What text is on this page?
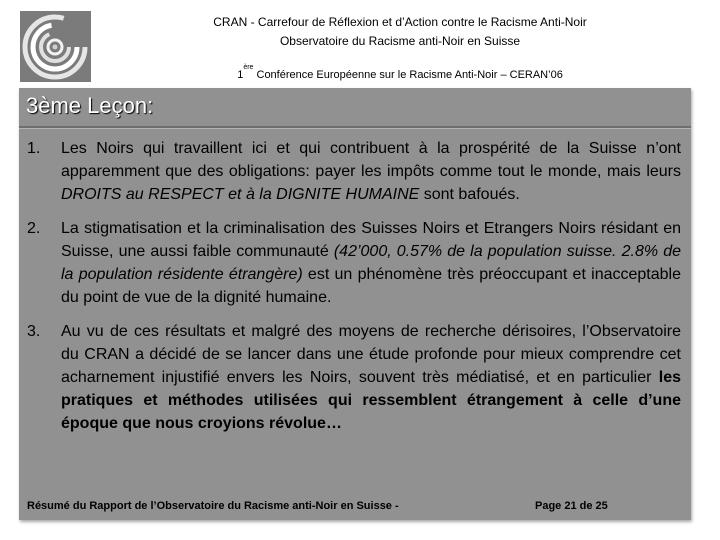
CRAN - Carrefour de Réflexion et d’Action contre le Racisme Anti-Noir
Observatoire du Racisme anti-Noir en Suisse
1ère Conférence Européenne sur le Racisme Anti-Noir – CERAN’06
3ème Leçon:
1. Les Noirs qui travaillent ici et qui contribuent à la prospérité de la Suisse n’ont apparemment que des obligations: payer les impôts comme tout le monde, mais leurs DROITS au RESPECT et à la DIGNITE HUMAINE sont bafoués.

2. La stigmatisation et la criminalisation des Suisses Noirs et Etrangers Noirs résidant en Suisse, une aussi faible communauté (42’000, 0.57% de la population suisse. 2.8% de la population résidente étrangère) est un phénomène très préoccupant et inacceptable du point de vue de la dignité humaine.

3. Au vu de ces résultats et malgré des moyens de recherche dérisoires, l’Observatoire du CRAN a décidé de se lancer dans une étude profonde pour mieux comprendre cet acharnement injustifié envers les Noirs, souvent très médiatisé, et en particulier les pratiques et méthodes utilisées qui ressemblent étrangement à celle d’une époque que nous croyions révolue…

Résumé du Rapport de l’Observatoire du Racisme anti-Noir en Suisse -	Page 21 de 25
